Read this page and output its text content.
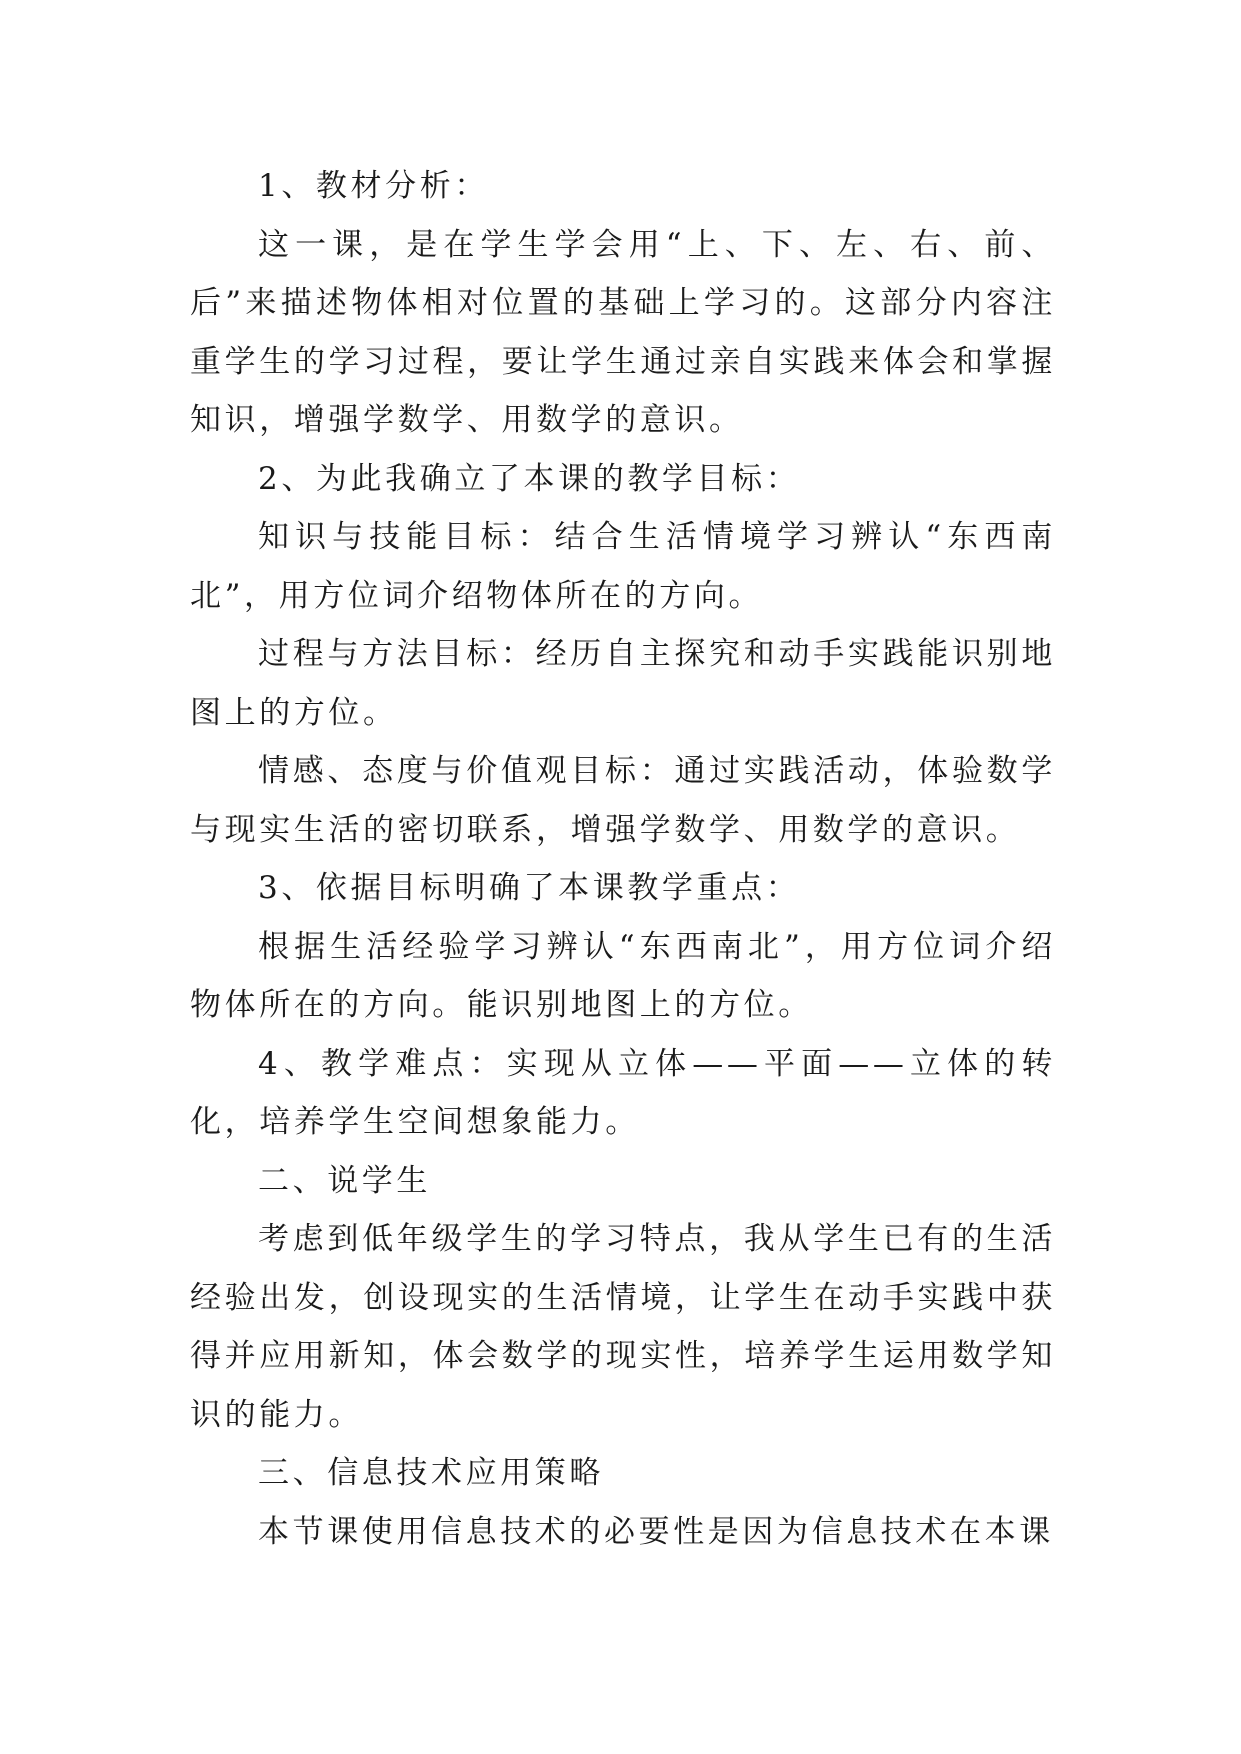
1、教材分析：

这一课，是在学生学会用“上、下、左、右、前、后”来描述物体相对位置的基础上学习的。这部分内容注重学生的学习过程，要让学生通过亲自实践来体会和掌握知识，增强学数学、用数学的意识。

2、为此我确立了本课的教学目标：

知识与技能目标：结合生活情境学习辨认“东西南北”，用方位词介绍物体所在的方向。

过程与方法目标：经历自主探究和动手实践能识别地图上的方位。

情感、态度与价值观目标：通过实践活动，体验数学与现实生活的密切联系，增强学数学、用数学的意识。

3、依据目标明确了本课教学重点：

根据生活经验学习辨认“东西南北”，用方位词介绍物体所在的方向。能识别地图上的方位。

4、教学难点：实现从立体——平面——立体的转化，培养学生空间想象能力。

二、说学生

考虑到低年级学生的学习特点，我从学生已有的生活经验出发，创设现实的生活情境，让学生在动手实践中获得并应用新知，体会数学的现实性，培养学生运用数学知识的能力。

三、信息技术应用策略

本节课使用信息技术的必要性是因为信息技术在本课
